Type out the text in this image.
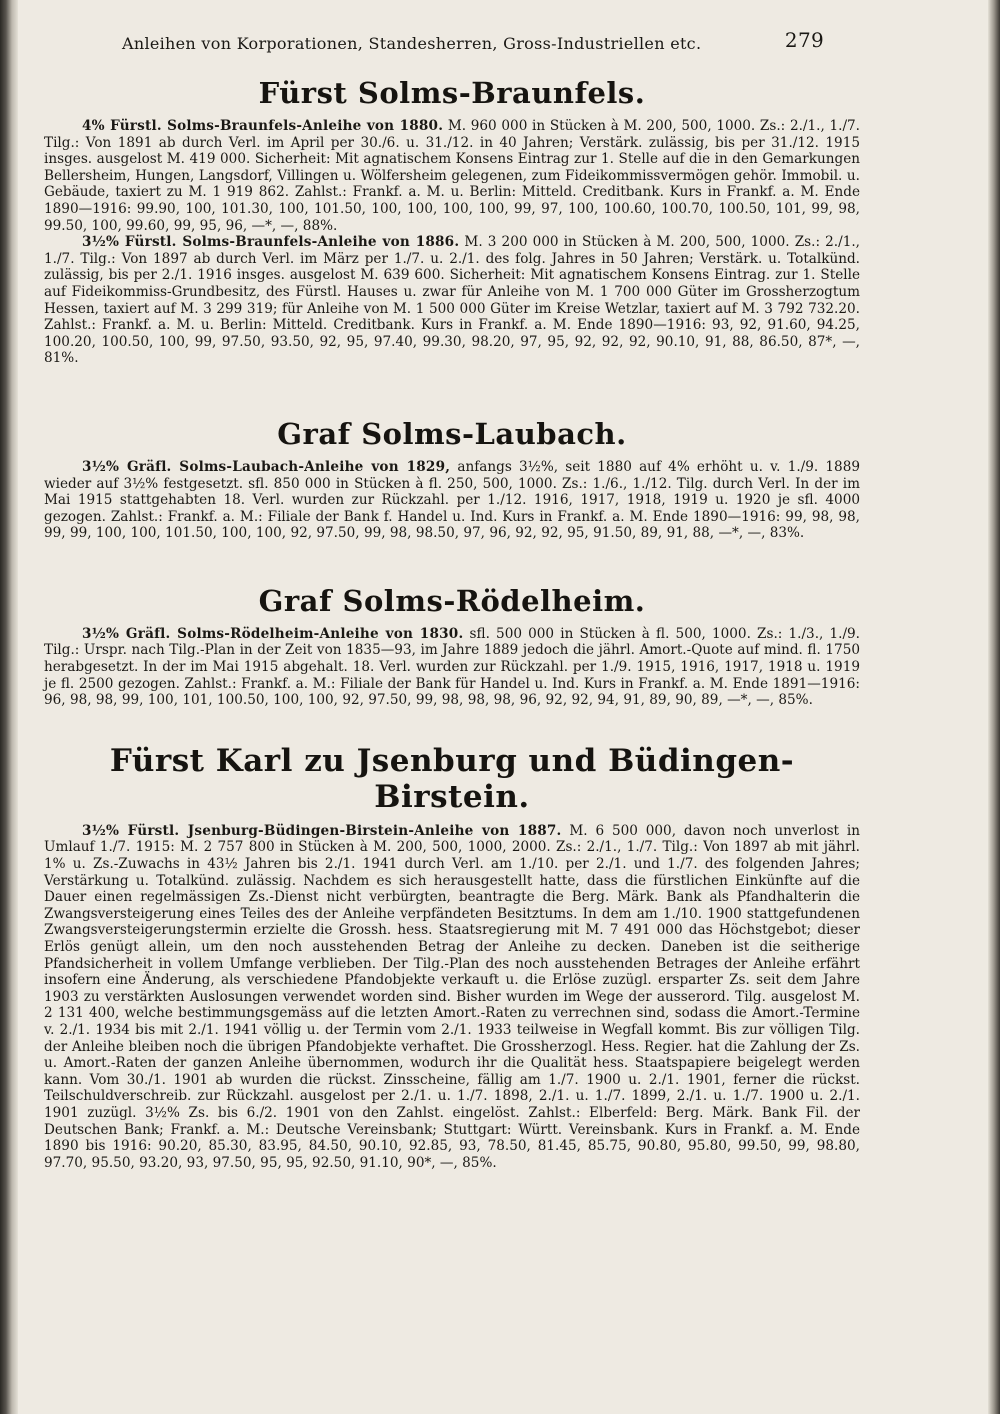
Anleihen von Korporationen, Standesherren, Gross-Industriellen etc.	279
Fürst Solms-Braunfels.

4% Fürstl. Solms-Braunfels-Anleihe von 1880. M. 960 000 in Stücken à M. 200, 500, 1000. Zs.: 2./1., 1./7. Tilg.: Von 1891 ab durch Verl. im April per 30./6. u. 31./12. in 40 Jahren; Verstärk. zulässig, bis per 31./12. 1915 insges. ausgelost M. 419 000. Sicherheit: Mit agnatischem Konsens Eintrag zur 1. Stelle auf die in den Gemarkungen Bellersheim, Hungen, Langsdorf, Villingen u. Wölfersheim gelegenen, zum Fideikommissvermögen gehör. Immobil. u. Gebäude, taxiert zu M. 1 919 862. Zahlst.: Frankf. a. M. u. Berlin: Mitteld. Creditbank. Kurs in Frankf. a. M. Ende 1890—1916: 99.90, 100, 101.30, 100, 101.50, 100, 100, 100, 100, 99, 97, 100, 100.60, 100.70, 100.50, 101, 99, 98, 99.50, 100, 99.60, 99, 95, 96, —*, —, 88%.

3½% Fürstl. Solms-Braunfels-Anleihe von 1886. M. 3 200 000 in Stücken à M. 200, 500, 1000. Zs.: 2./1., 1./7. Tilg.: Von 1897 ab durch Verl. im März per 1./7. u. 2./1. des folg. Jahres in 50 Jahren; Verstärk. u. Totalkünd. zulässig, bis per 2./1. 1916 insges. ausgelost M. 639 600. Sicherheit: Mit agnatischem Konsens Eintrag. zur 1. Stelle auf Fideikommiss-Grundbesitz, des Fürstl. Hauses u. zwar für Anleihe von M. 1 700 000 Güter im Grossherzogtum Hessen, taxiert auf M. 3 299 319; für Anleihe von M. 1 500 000 Güter im Kreise Wetzlar, taxiert auf M. 3 792 732.20. Zahlst.: Frankf. a. M. u. Berlin: Mitteld. Creditbank. Kurs in Frankf. a. M. Ende 1890—1916: 93, 92, 91.60, 94.25, 100.20, 100.50, 100, 99, 97.50, 93.50, 92, 95, 97.40, 99.30, 98.20, 97, 95, 92, 92, 92, 90.10, 91, 88, 86.50, 87*, —, 81%.

Graf Solms-Laubach.

3½% Gräfl. Solms-Laubach-Anleihe von 1829, anfangs 3½%, seit 1880 auf 4% erhöht u. v. 1./9. 1889 wieder auf 3½% festgesetzt. sfl. 850 000 in Stücken à fl. 250, 500, 1000. Zs.: 1./6., 1./12. Tilg. durch Verl. In der im Mai 1915 stattgehabten 18. Verl. wurden zur Rückzahl. per 1./12. 1916, 1917, 1918, 1919 u. 1920 je sfl. 4000 gezogen. Zahlst.: Frankf. a. M.: Filiale der Bank f. Handel u. Ind. Kurs in Frankf. a. M. Ende 1890—1916: 99, 98, 98, 99, 99, 100, 100, 101.50, 100, 100, 92, 97.50, 99, 98, 98.50, 97, 96, 92, 92, 95, 91.50, 89, 91, 88, —*, —, 83%.

Graf Solms-Rödelheim.

3½% Gräfl. Solms-Rödelheim-Anleihe von 1830. sfl. 500 000 in Stücken à fl. 500, 1000. Zs.: 1./3., 1./9. Tilg.: Urspr. nach Tilg.-Plan in der Zeit von 1835—93, im Jahre 1889 jedoch die jährl. Amort.-Quote auf mind. fl. 1750 herabgesetzt. In der im Mai 1915 abgehalt. 18. Verl. wurden zur Rückzahl. per 1./9. 1915, 1916, 1917, 1918 u. 1919 je fl. 2500 gezogen. Zahlst.: Frankf. a. M.: Filiale der Bank für Handel u. Ind. Kurs in Frankf. a. M. Ende 1891—1916: 96, 98, 98, 99, 100, 101, 100.50, 100, 100, 92, 97.50, 99, 98, 98, 98, 96, 92, 92, 94, 91, 89, 90, 89, —*, —, 85%.

Fürst Karl zu Jsenburg und Büdingen-Birstein.

3½% Fürstl. Jsenburg-Büdingen-Birstein-Anleihe von 1887. M. 6 500 000, davon noch unverlost in Umlauf 1./7. 1915: M. 2 757 800 in Stücken à M. 200, 500, 1000, 2000. Zs.: 2./1., 1./7. Tilg.: Von 1897 ab mit jährl. 1% u. Zs.-Zuwachs in 43½ Jahren bis 2./1. 1941 durch Verl. am 1./10. per 2./1. und 1./7. des folgenden Jahres; Verstärkung u. Totalkünd. zulässig. Nachdem es sich herausgestellt hatte, dass die fürstlichen Einkünfte auf die Dauer einen regelmässigen Zs.-Dienst nicht verbürgten, beantragte die Berg. Märk. Bank als Pfandhalterin die Zwangsversteigerung eines Teiles des der Anleihe verpfändeten Besitztums. In dem am 1./10. 1900 stattgefundenen Zwangsversteigerungstermin erzielte die Grossh. hess. Staatsregierung mit M. 7 491 000 das Höchstgebot; dieser Erlös genügt allein, um den noch ausstehenden Betrag der Anleihe zu decken. Daneben ist die seitherige Pfandsicherheit in vollem Umfange verblieben. Der Tilg.-Plan des noch ausstehenden Betrages der Anleihe erfährt insofern eine Änderung, als verschiedene Pfandobjekte verkauft u. die Erlöse zuzügl. ersparter Zs. seit dem Jahre 1903 zu verstärkten Auslosungen verwendet worden sind. Bisher wurden im Wege der ausserord. Tilg. ausgelost M. 2 131 400, welche bestimmungsgemäss auf die letzten Amort.-Raten zu verrechnen sind, sodass die Amort.-Termine v. 2./1. 1934 bis mit 2./1. 1941 völlig u. der Termin vom 2./1. 1933 teilweise in Wegfall kommt. Bis zur völligen Tilg. der Anleihe bleiben noch die übrigen Pfandobjekte verhaftet. Die Grossherzogl. Hess. Regier. hat die Zahlung der Zs. u. Amort.-Raten der ganzen Anleihe übernommen, wodurch ihr die Qualität hess. Staatspapiere beigelegt werden kann. Vom 30./1. 1901 ab wurden die rückst. Zinsscheine, fällig am 1./7. 1900 u. 2./1. 1901, ferner die rückst. Teilschuldverschreib. zur Rückzahl. ausgelost per 2./1. u. 1./7. 1898, 2./1. u. 1./7. 1899, 2./1. u. 1./7. 1900 u. 2./1. 1901 zuzügl. 3½% Zs. bis 6./2. 1901 von den Zahlst. eingelöst. Zahlst.: Elberfeld: Berg. Märk. Bank Fil. der Deutschen Bank; Frankf. a. M.: Deutsche Vereinsbank; Stuttgart: Württ. Vereinsbank. Kurs in Frankf. a. M. Ende 1890 bis 1916: 90.20, 85.30, 83.95, 84.50, 90.10, 92.85, 93, 78.50, 81.45, 85.75, 90.80, 95.80, 99.50, 99, 98.80, 97.70, 95.50, 93.20, 93, 97.50, 95, 95, 92.50, 91.10, 90*, —, 85%.
